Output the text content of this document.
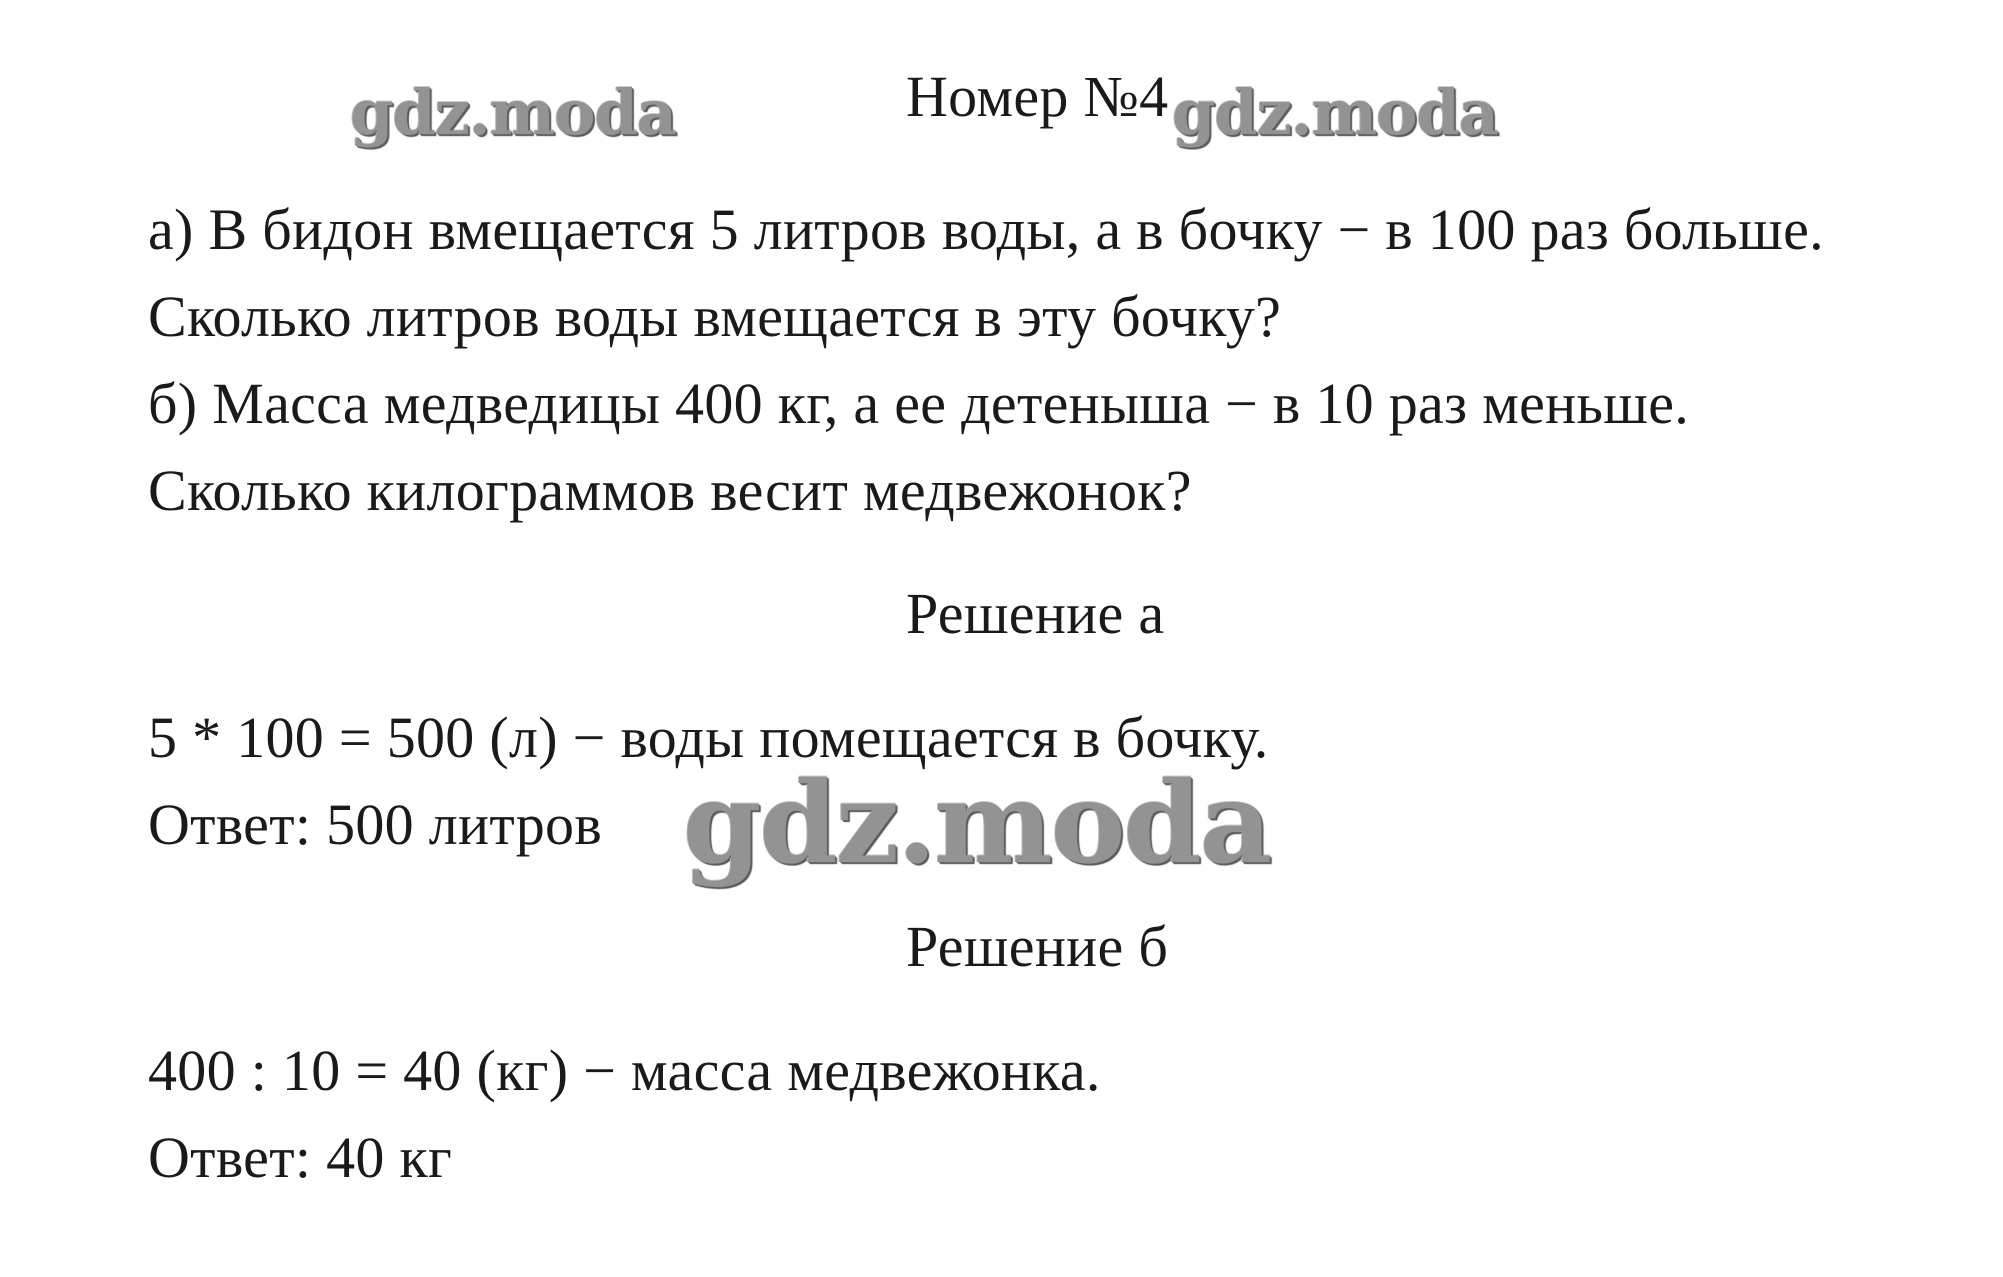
gdz.moda	Номер №4 gdz.moda
а) В бидон вмещается 5 литров воды, а в бочку − в 100 раз больше.
Сколько литров воды вмещается в эту бочку?
б) Масса медведицы 400 кг, а ее детеныша − в 10 раз меньше.
Сколько килограммов весит медвежонок?
Решение а
5 * 100 = 500 (л) − воды помещается в бочку.
Ответ: 500 литров gdz.moda
Решение б
400 : 10 = 40 (кг) − масса медвежонка.
Ответ: 40 кг
